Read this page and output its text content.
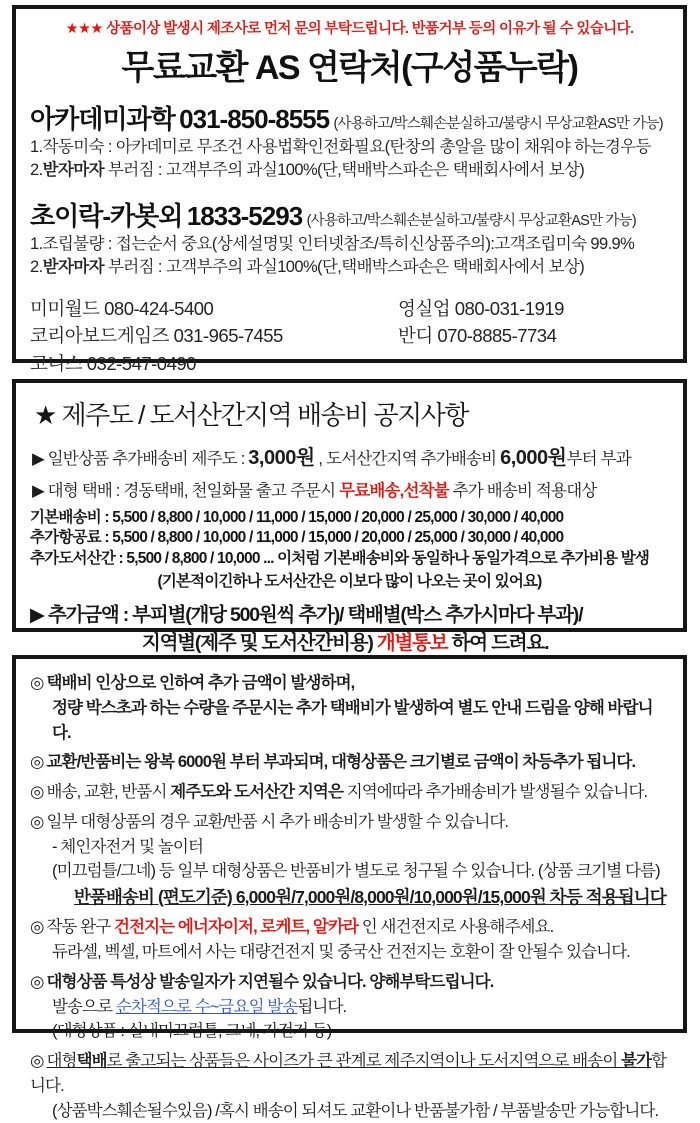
★★★ 상품이상 발생시 제조사로 먼저 문의 부탁드립니다. 반품거부 등의 이유가 될 수 있습니다.
무료교환 AS 연락처(구성품누락)
아카데미과학 031-850-8555 (사용하고/박스훼손분실하고/불량시 무상교환AS만 가능)
1.작동미숙 : 아카데미로 무조건 사용법확인전화필요(탄창의 총알을 많이 채워야 하는경우등
2.받자마자 부러짐 : 고객부주의 과실100%(단,택배박스파손은 택배회사에서 보상)
초이락-카봇외 1833-5293 (사용하고/박스훼손분실하고/불량시 무상교환AS만 가능)
1.조립불량 : 접는순서 중요(상세설명및 인터넷참조/특히신상품주의):고객조립미숙 99.9%
2.받자마자 부러짐 : 고객부주의 과실100%(단,택배박스파손은 택배회사에서 보상)
미미월드 080-424-5400
코리아보드게임즈 031-965-7455
코니스 032-547-0490
영실업 080-031-1919
반디 070-8885-7734
★ 제주도 / 도서산간지역 배송비 공지사항
▶ 일반상품 추가배송비 제주도 : 3,000원 , 도서산간지역 추가배송비 6,000원부터 부과
▶ 대형 택배 : 경동택배, 천일화물 출고 주문시 무료배송,선착불 추가 배송비 적용대상
기본배송비 : 5,500 / 8,800 / 10,000 / 11,000 / 15,000 / 20,000 / 25,000 / 30,000 / 40,000
추가항공료 : 5,500 / 8,800 / 10,000 / 11,000 / 15,000 / 20,000 / 25,000 / 30,000 / 40,000
추가도서산간 : 5,500 / 8,800 / 10,000 ... 이처럼 기본배송비와 동일하나 동일가격으로 추가비용 발생
(기본적이긴하나 도서산간은 이보다 많이 나오는 곳이 있어요)
▶ 추가금액 : 부피별(개당 500원씩 추가)/ 택배별(박스 추가시마다 부과)/
지역별(제주 및 도서산간비용) 개별통보 하여 드려요.
◎ 택배비 인상으로 인하여 추가 금액이 발생하며,
정량 박스초과 하는 수량을 주문시는 추가 택배비가 발생하여 별도 안내 드림을 양해 바랍니다.
◎ 교환/반품비는 왕복 6000원 부터 부과되며, 대형상품은 크기별로 금액이 차등추가 됩니다.
◎ 배송, 교환, 반품시 제주도와 도서산간 지역은 지역에따라 추가배송비가 발생될수 있습니다.
◎ 일부 대형상품의 경우 교환/반품 시 추가 배송비가 발생할 수 있습니다.
- 체인자전거 및 놀이터
(미끄럼틀/그네) 등 일부 대형상품은 반품비가 별도로 청구될 수 있습니다. (상품 크기별 다름)
반품배송비 (편도기준) 6,000원/7,000원/8,000원/10,000원/15,000원 차등 적용됩니다
◎ 작동 완구 건전지는 에너자이저, 로케트, 알카라 인 새건전지로 사용해주세요.
듀라셀, 벡셀, 마트에서 사는 대량건전지 및 중국산 건전지는 호환이 잘 안될수 있습니다.
◎ 대형상품 특성상 발송일자가 지연될수 있습니다. 양해부탁드립니다.
발송으로 순차적으로 수~금요일 발송됩니다.
(대형상품 : 실내미끄럼틀, 그네, 자전거 등)
◎ 대형택배로 출고되는 상품들은 사이즈가 큰 관계로 제주지역이나 도서지역으로 배송이 불가합니다.
(상품박스훼손될수있음) /혹시 배송이 되셔도 교환이나 반품불가함 / 부품발송만 가능합니다.
